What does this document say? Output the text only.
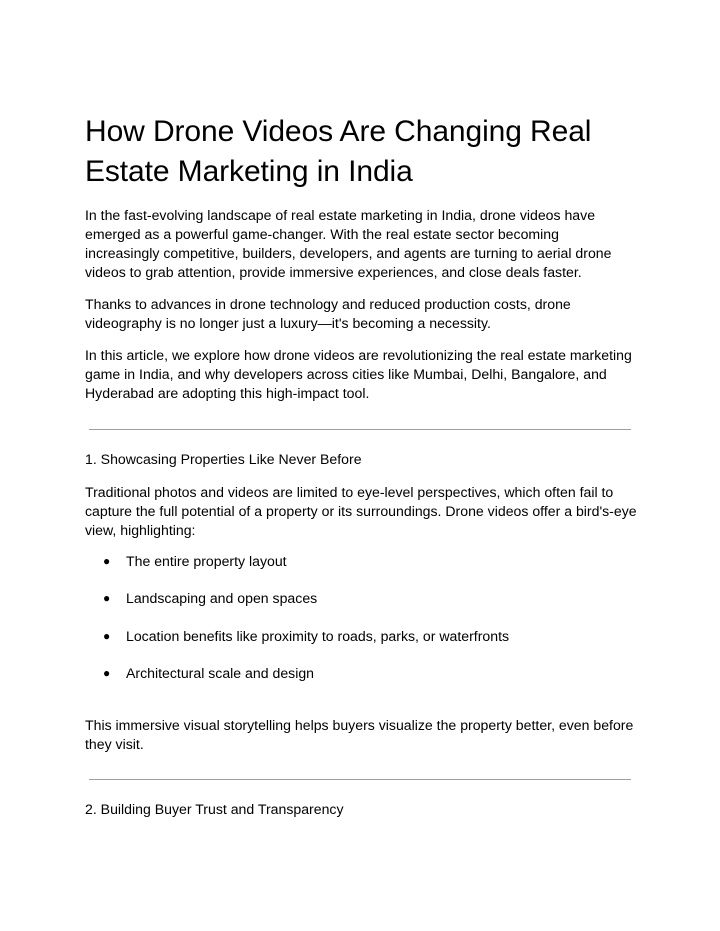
How Drone Videos Are Changing Real Estate Marketing in India

In the fast-evolving landscape of real estate marketing in India, drone videos have emerged as a powerful game-changer. With the real estate sector becoming increasingly competitive, builders, developers, and agents are turning to aerial drone videos to grab attention, provide immersive experiences, and close deals faster.

Thanks to advances in drone technology and reduced production costs, drone videography is no longer just a luxury—it's becoming a necessity.

In this article, we explore how drone videos are revolutionizing the real estate marketing game in India, and why developers across cities like Mumbai, Delhi, Bangalore, and Hyderabad are adopting this high-impact tool.

1. Showcasing Properties Like Never Before

Traditional photos and videos are limited to eye-level perspectives, which often fail to capture the full potential of a property or its surroundings. Drone videos offer a bird's-eye view, highlighting:

● The entire property layout
● Landscaping and open spaces
● Location benefits like proximity to roads, parks, or waterfronts
● Architectural scale and design

This immersive visual storytelling helps buyers visualize the property better, even before they visit.

2. Building Buyer Trust and Transparency
